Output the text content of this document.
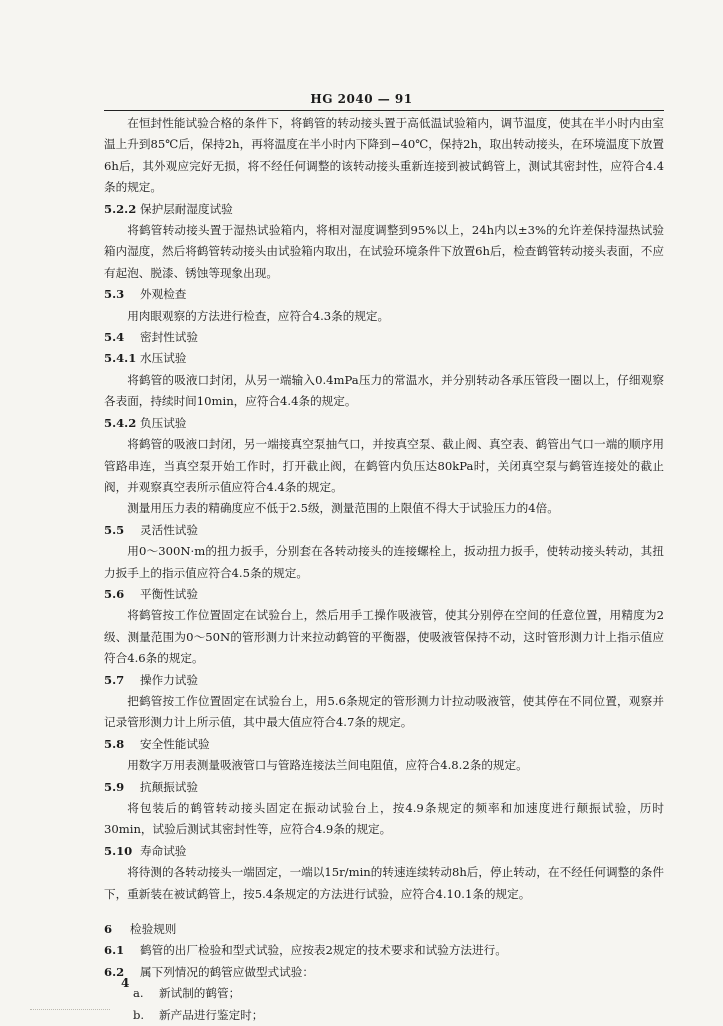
HG 2040 — 91

在恒封性能试验合格的条件下，将鹤管的转动接头置于高低温试验箱内，调节温度，使其在半小时内由室温上升到85℃后，保持2h，再将温度在半小时内下降到−40℃，保持2h，取出转动接头，在环境温度下放置6h后，其外观应完好无损，将不经任何调整的该转动接头重新连接到被试鹤管上，测试其密封性，应符合4.4条的规定。

5.2.2 保护层耐湿度试验

将鹤管转动接头置于湿热试验箱内，将相对湿度调整到95%以上，24h内以±3%的允许差保持湿热试验箱内湿度，然后将鹤管转动接头由试验箱内取出，在试验环境条件下放置6h后，检查鹤管转动接头表面，不应有起泡、脱漆、锈蚀等现象出现。

5.3 外观检查

用肉眼观察的方法进行检查，应符合4.3条的规定。

5.4 密封性试验

5.4.1 水压试验

将鹤管的吸液口封闭，从另一端输入0.4mPa压力的常温水，并分别转动各承压管段一圈以上，仔细观察各表面，持续时间10min，应符合4.4条的规定。

5.4.2 负压试验

将鹤管的吸液口封闭，另一端接真空泵抽气口，并按真空泵、截止阀、真空表、鹤管出气口一端的顺序用管路串连，当真空泵开始工作时，打开截止阀，在鹤管内负压达80kPa时，关闭真空泵与鹤管连接处的截止阀，并观察真空表所示值应符合4.4条的规定。

测量用压力表的精确度应不低于2.5级，测量范围的上限值不得大于试验压力的4倍。

5.5 灵活性试验

用0～300N·m的扭力扳手，分别套在各转动接头的连接螺栓上，扳动扭力扳手，使转动接头转动，其扭力扳手上的指示值应符合4.5条的规定。

5.6 平衡性试验

将鹤管按工作位置固定在试验台上，然后用手工操作吸液管，使其分别停在空间的任意位置，用精度为2级、测量范围为0～50N的管形测力计来拉动鹤管的平衡器，使吸液管保持不动，这时管形测力计上指示值应符合4.6条的规定。

5.7 操作力试验

把鹤管按工作位置固定在试验台上，用5.6条规定的管形测力计拉动吸液管，使其停在不同位置，观察并记录管形测力计上所示值，其中最大值应符合4.7条的规定。

5.8 安全性能试验

用数字万用表测量吸液管口与管路连接法兰间电阻值，应符合4.8.2条的规定。

5.9 抗颠振试验

将包装后的鹤管转动接头固定在振动试验台上，按4.9条规定的频率和加速度进行颠振试验，历时30min，试验后测试其密封性等，应符合4.9条的规定。

5.10 寿命试验

将待测的各转动接头一端固定，一端以15r/min的转速连续转动8h后，停止转动，在不经任何调整的条件下，重新装在被试鹤管上，按5.4条规定的方法进行试验，应符合4.10.1条的规定。

6 检验规则

6.1 鹤管的出厂检验和型式试验，应按表2规定的技术要求和试验方法进行。

6.2 属下列情况的鹤管应做型式试验：

a. 新试制的鹤管；

b. 新产品进行鉴定时；

4
